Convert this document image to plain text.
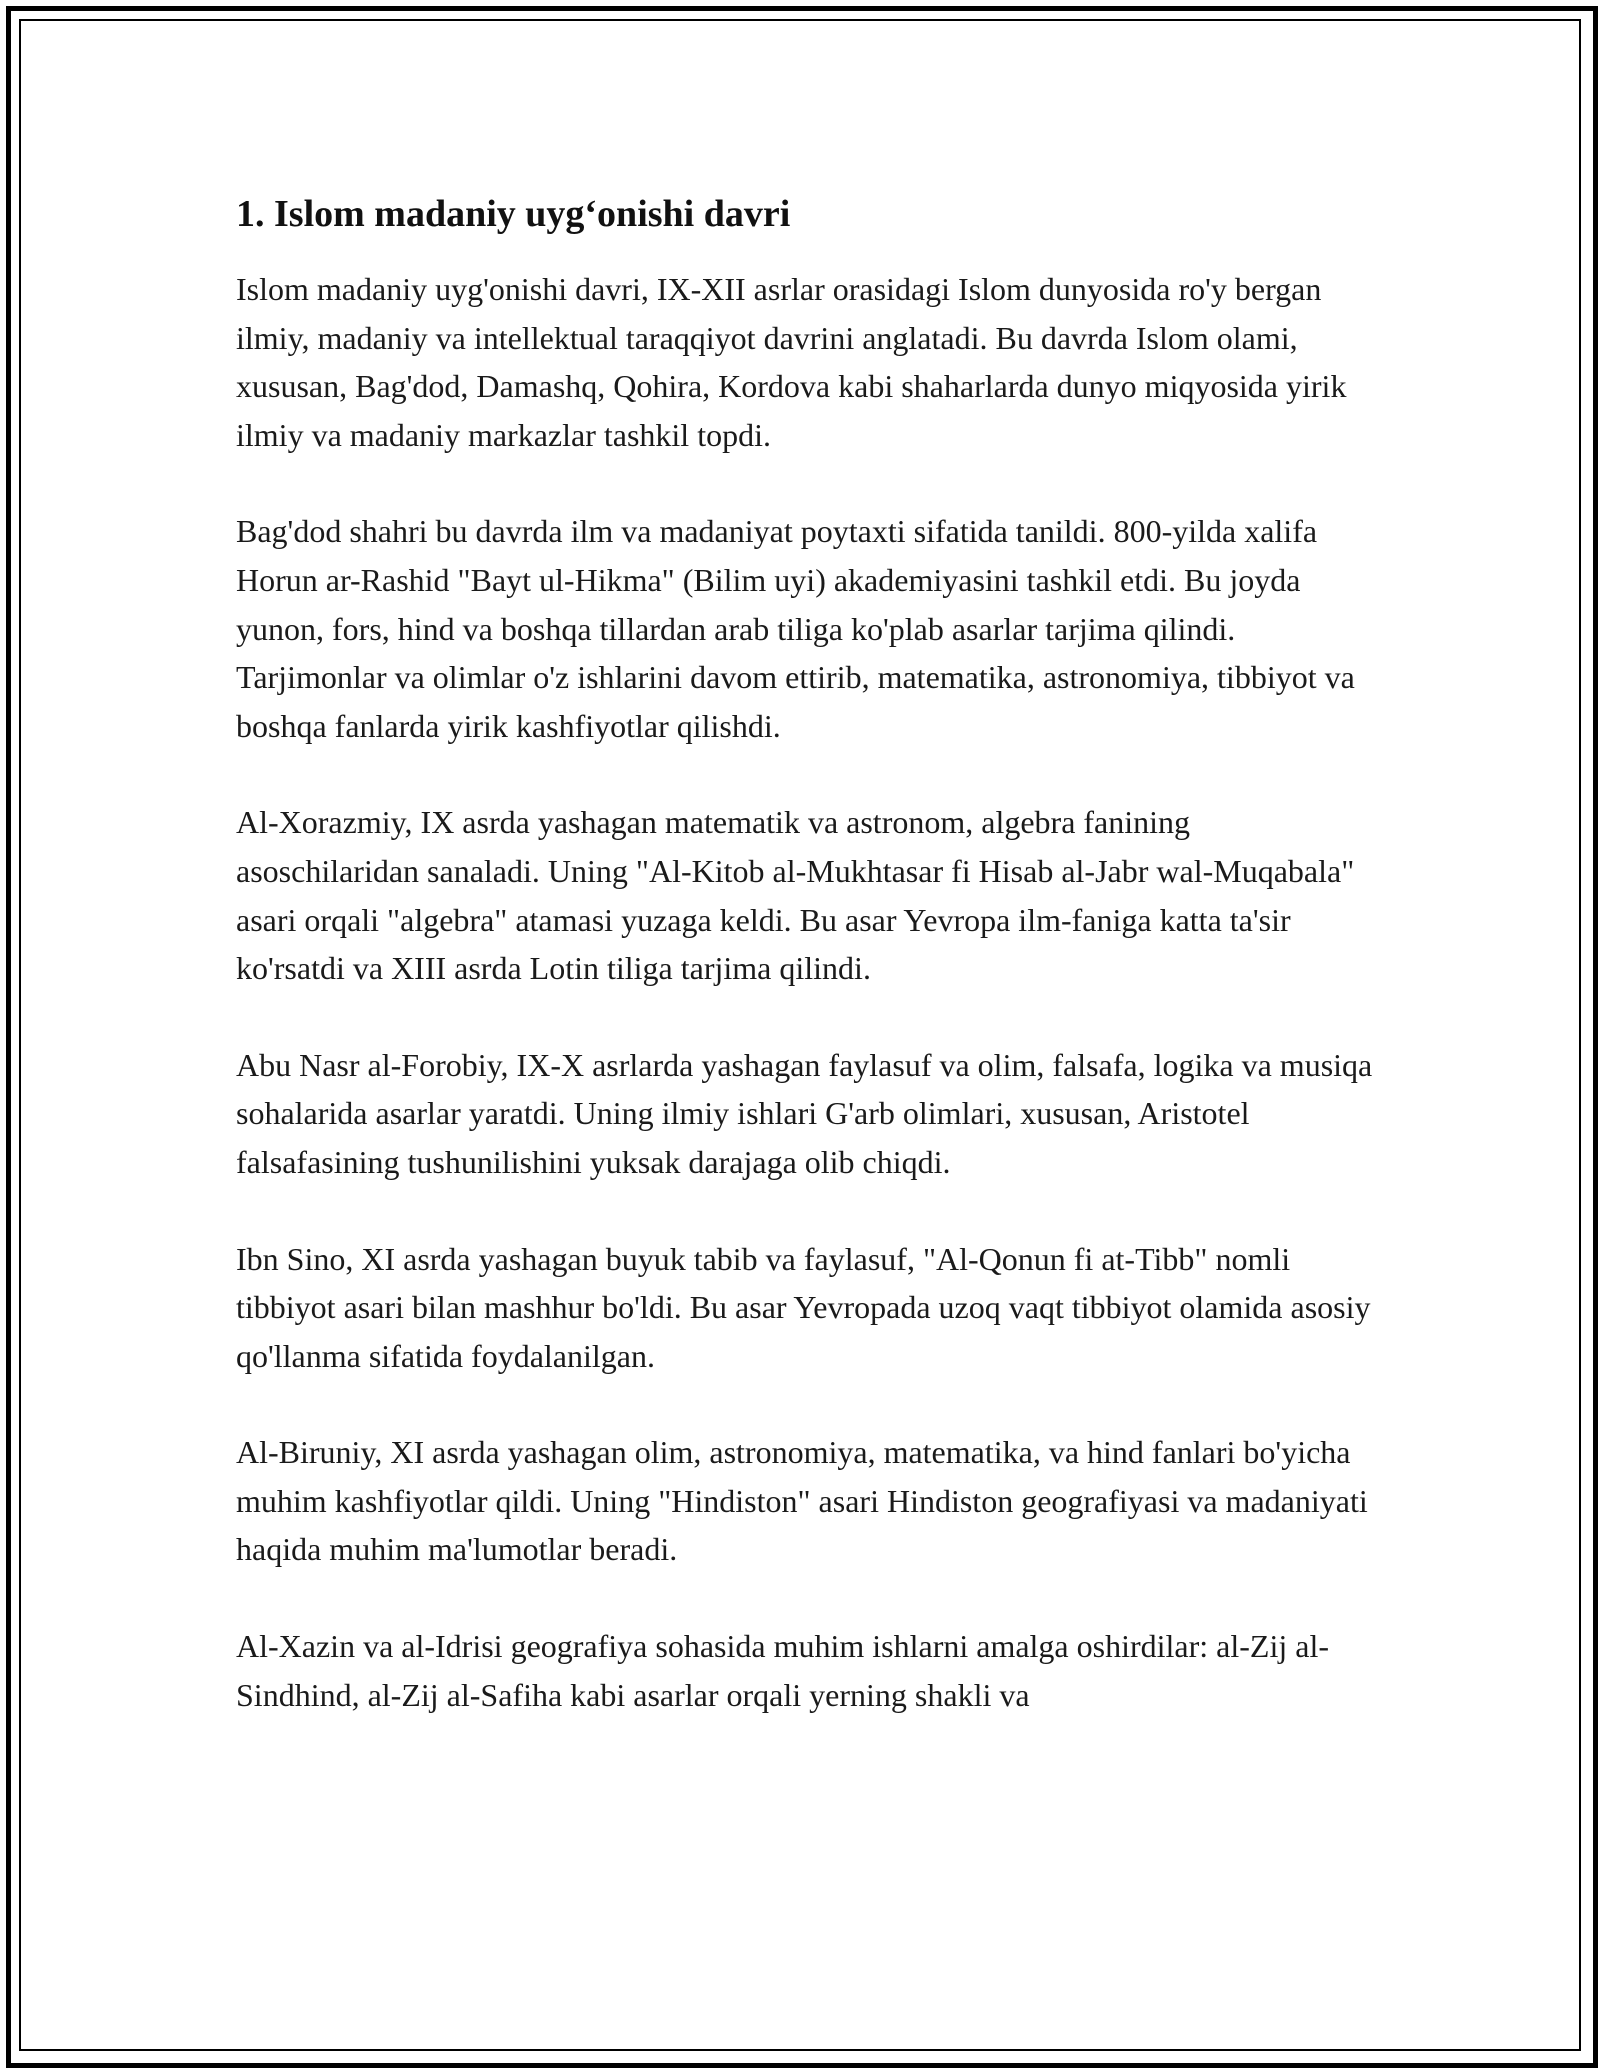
1. Islom madaniy uyg‘onishi davri

Islom madaniy uyg'onishi davri, IX-XII asrlar orasidagi Islom dunyosida ro'y bergan ilmiy, madaniy va intellektual taraqqiyot davrini anglatadi. Bu davrda Islom olami, xususan, Bag'dod, Damashq, Qohira, Kordova kabi shaharlarda dunyo miqyosida yirik ilmiy va madaniy markazlar tashkil topdi.

Bag'dod shahri bu davrda ilm va madaniyat poytaxti sifatida tanildi. 800-yilda xalifa Horun ar-Rashid "Bayt ul-Hikma" (Bilim uyi) akademiyasini tashkil etdi. Bu joyda yunon, fors, hind va boshqa tillardan arab tiliga ko'plab asarlar tarjima qilindi. Tarjimonlar va olimlar o'z ishlarini davom ettirib, matematika, astronomiya, tibbiyot va boshqa fanlarda yirik kashfiyotlar qilishdi.

Al-Xorazmiy, IX asrda yashagan matematik va astronom, algebra fanining asoschilaridan sanaladi. Uning "Al-Kitob al-Mukhtasar fi Hisab al-Jabr wal-Muqabala" asari orqali "algebra" atamasi yuzaga keldi. Bu asar Yevropa ilm-faniga katta ta'sir ko'rsatdi va XIII asrda Lotin tiliga tarjima qilindi.

Abu Nasr al-Forobiy, IX-X asrlarda yashagan faylasuf va olim, falsafa, logika va musiqa sohalarida asarlar yaratdi. Uning ilmiy ishlari G'arb olimlari, xususan, Aristotel falsafasining tushunilishini yuksak darajaga olib chiqdi.

Ibn Sino, XI asrda yashagan buyuk tabib va faylasuf, "Al-Qonun fi at-Tibb" nomli tibbiyot asari bilan mashhur bo'ldi. Bu asar Yevropada uzoq vaqt tibbiyot olamida asosiy qo'llanma sifatida foydalanilgan.

Al-Biruniy, XI asrda yashagan olim, astronomiya, matematika, va hind fanlari bo'yicha muhim kashfiyotlar qildi. Uning "Hindiston" asari Hindiston geografiyasi va madaniyati haqida muhim ma'lumotlar beradi.

Al-Xazin va al-Idrisi geografiya sohasida muhim ishlarni amalga oshirdilar: al-Zij al-Sindhind, al-Zij al-Safiha kabi asarlar orqali yerning shakli va
